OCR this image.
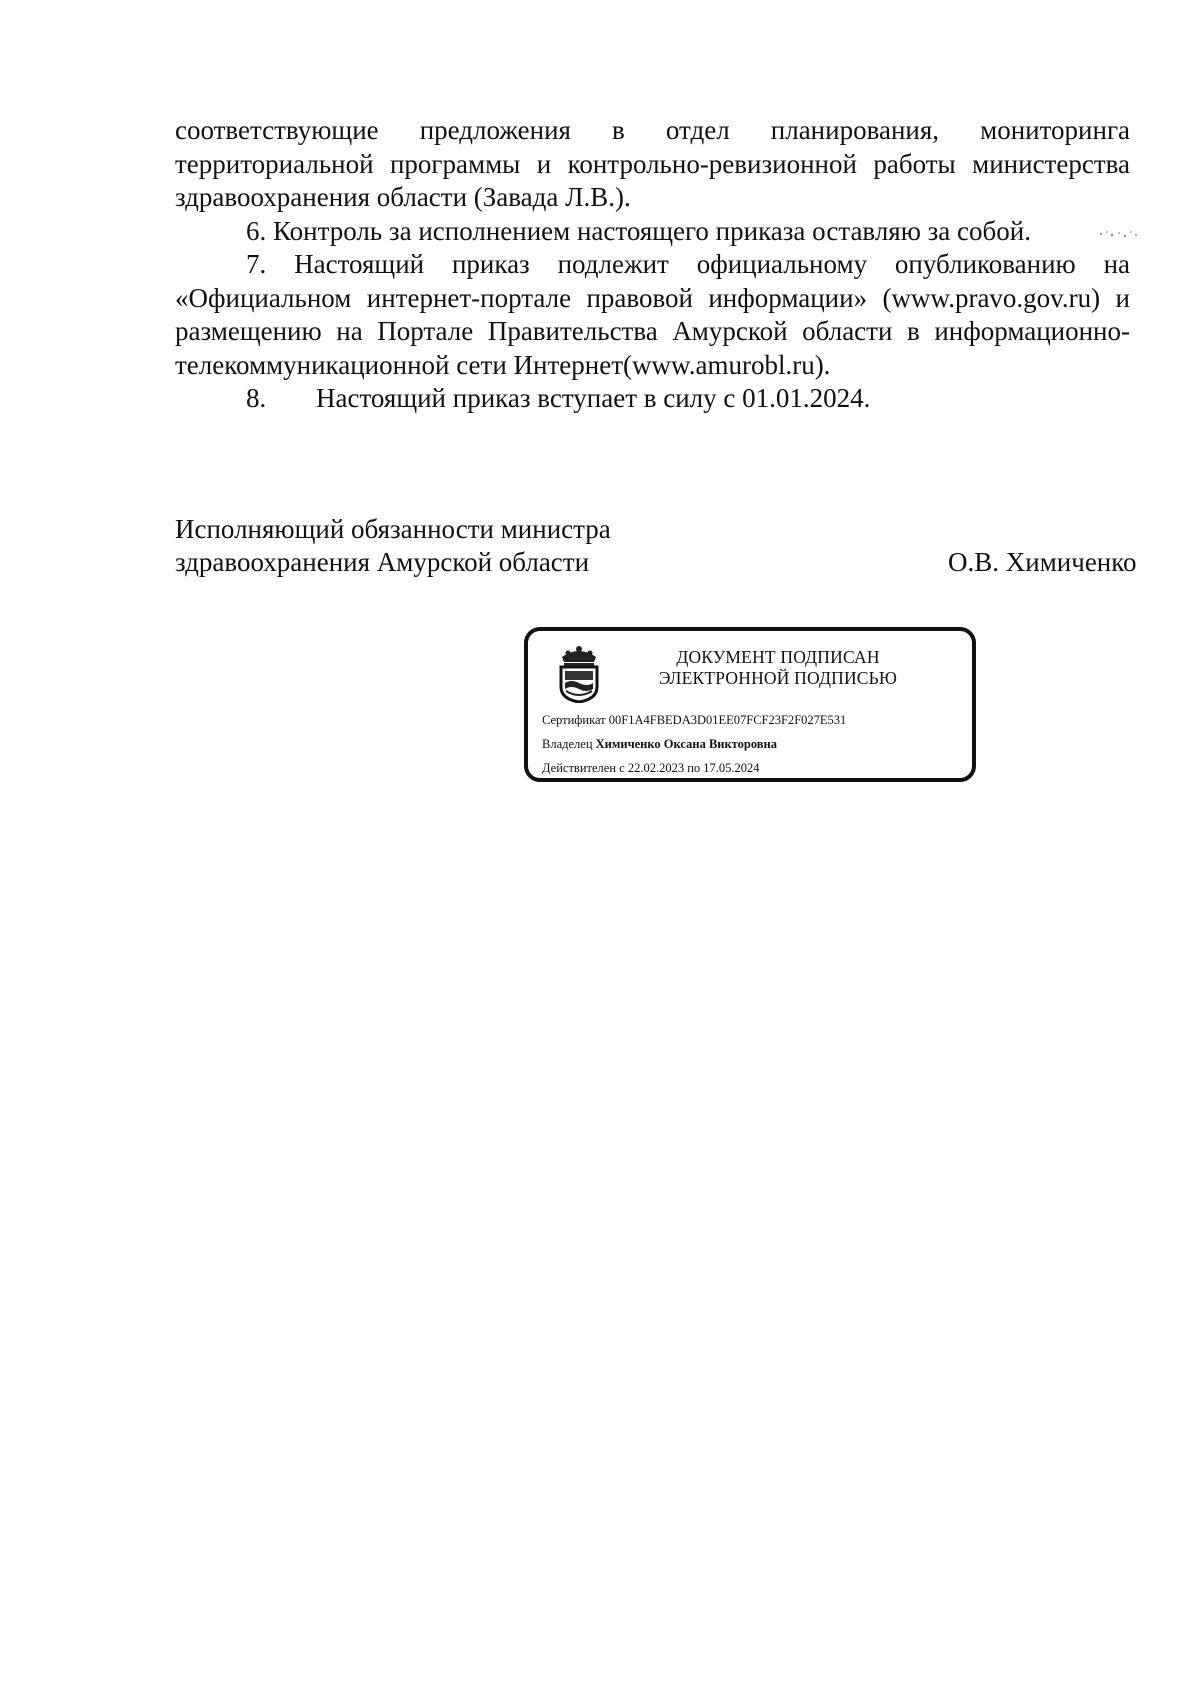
соответствующие предложения в отдел планирования, мониторинга территориальной программы и контрольно-ревизионной работы министерства здравоохранения области (Завада Л.В.).

6. Контроль за исполнением настоящего приказа оставляю за собой.

7. Настоящий приказ подлежит официальному опубликованию на «Официальном интернет-портале правовой информации» (www.pravo.gov.ru) и размещению на Портале Правительства Амурской области в информационно-телекоммуникационной сети Интернет(www.amurobl.ru).

8. Настоящий приказ вступает в силу с 01.01.2024.

Исполняющий обязанности министра
здравоохранения Амурской области	О.В. Химиченко
ДОКУМЕНТ ПОДПИСАН
ЭЛЕКТРОННОЙ ПОДПИСЬЮ
Сертификат 00F1A4FBEDA3D01EE07FCF23F2F027E531
Владелец Химиченко Оксана Викторовна
Действителен с 22.02.2023 по 17.05.2024
